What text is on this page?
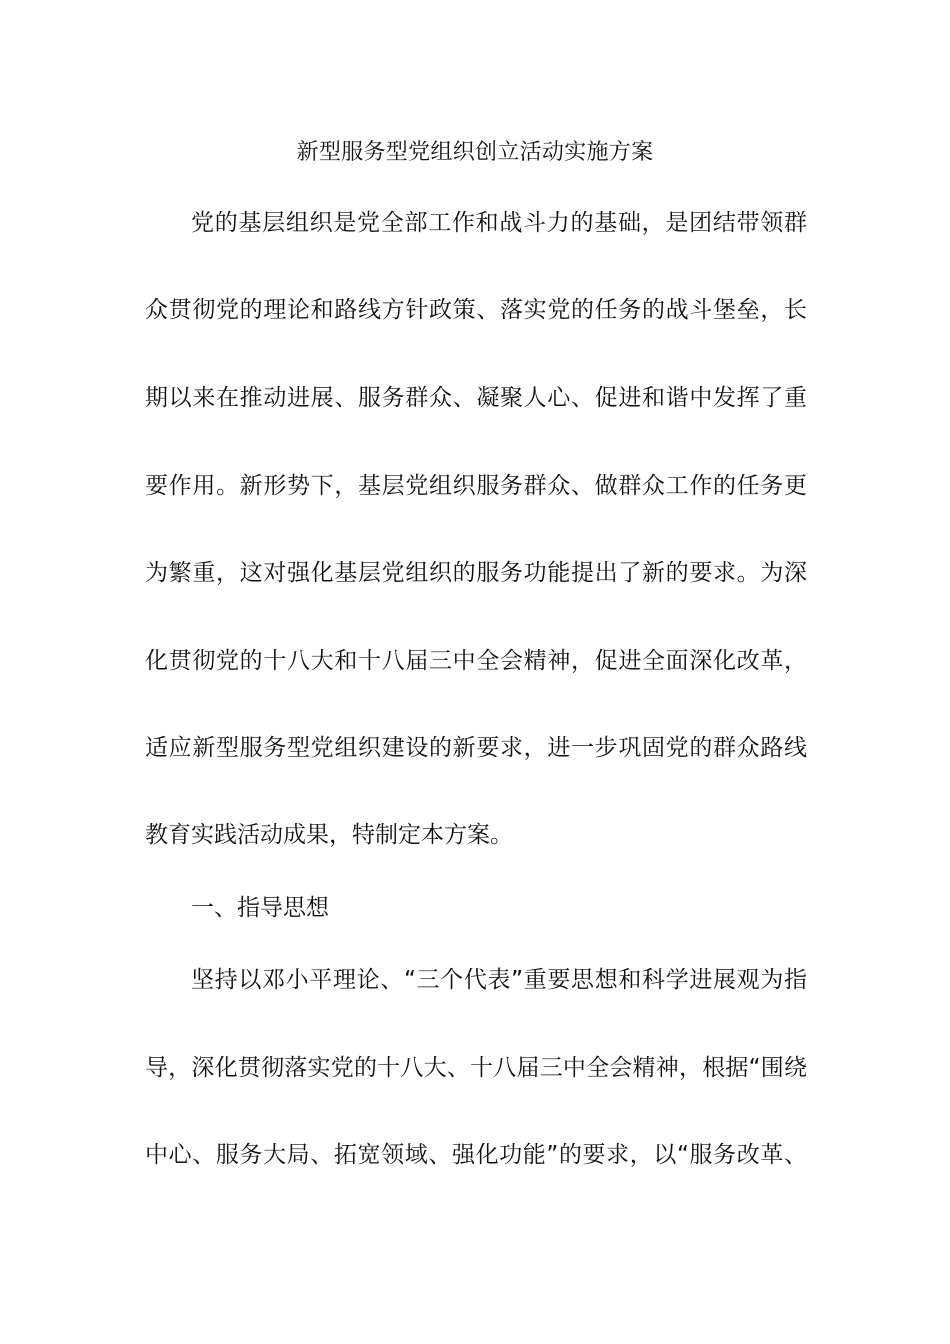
新型服务型党组织创立活动实施方案
党的基层组织是党全部工作和战斗力的基础，是团结带领群
众贯彻党的理论和路线方针政策、落实党的任务的战斗堡垒，长
期以来在推动进展、服务群众、凝聚人心、促进和谐中发挥了重
要作用。新形势下，基层党组织服务群众、做群众工作的任务更
为繁重，这对强化基层党组织的服务功能提出了新的要求。为深
化贯彻党的十八大和十八届三中全会精神，促进全面深化改革，
适应新型服务型党组织建设的新要求，进一步巩固党的群众路线
教育实践活动成果，特制定本方案。
一、指导思想
坚持以邓小平理论、“三个代表”重要思想和科学进展观为指
导，深化贯彻落实党的十八大、十八届三中全会精神，根据“围绕
中心、服务大局、拓宽领域、强化功能”的要求，以“服务改革、
